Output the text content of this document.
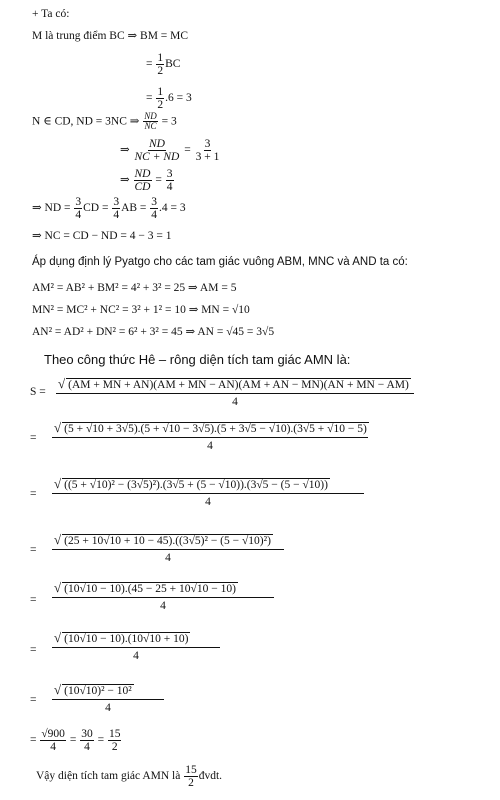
+ Ta có:
M là trung điểm BC ⇒ BM = MC
= $\frac{1}{2}$ BC
= $\frac{1}{2} .6 = 3$
N ∈ CD, ND = 3NC ⇒ $\frac{ND}{NC} = 3$
⇒ $\frac{ND}{NC + ND} = \frac{3}{3 + 1}$
⇒ $\frac{ND}{CD} = \frac{3}{4}$
⇒ ND = $\frac{3}{4}$ CD = $\frac{3}{4}$ AB = $\frac{3}{4} .4 = 3$
⇒ NC = CD − ND = 4 − 3 = 1
Áp dụng định lý Pyatgo cho các tam giác vuông ABM, MNC và AND ta có:
AM² = AB² + BM² = 4² + 3² = 25 ⇒ AM = 5
MN² = MC² + NC² = 3² + 1² = 10 ⇒ MN = √10
AN² = AD² + DN² = 6² + 3² = 45 ⇒ AN = √45 = 3√5
Theo công thức Hê – rông diện tích tam giác AMN là:
$S = \frac{√ (AM + MN + AN)(AM + MN - AN)(AM + AN - MN)(AN + MN - AM)}{4}$
=
√ (5 + √10 + 3√5).(5 + √10 − 3√5).(5 + 3√5 − √10).(3√5 + √10 − 5)
4
= $\frac{\text{√ ((5 + √10)² − (3√5)²).(3√5 + (5 − √10)).(3√5 − (5 − √10))}}{4}$
= $\frac{\text{√ (25 + 10√10 + 10 − 45).((3√5)² − (5 − √10)²)}}{4}$
= $\frac{√ (10√10 - 10).(45 - 25 + 10√10 - 10)}{4}$
= $\frac{√ (10√10 - 10).(10√10 + 10)}{4}$
= $\frac{\text{√ (10√10)² − 10²}}{4}$
= $\frac{√900}{4} = \frac{30}{4} = \frac{15}{2}$
Vậy diện tích tam giác AMN là $\frac{15}{2}$ đvdt.
